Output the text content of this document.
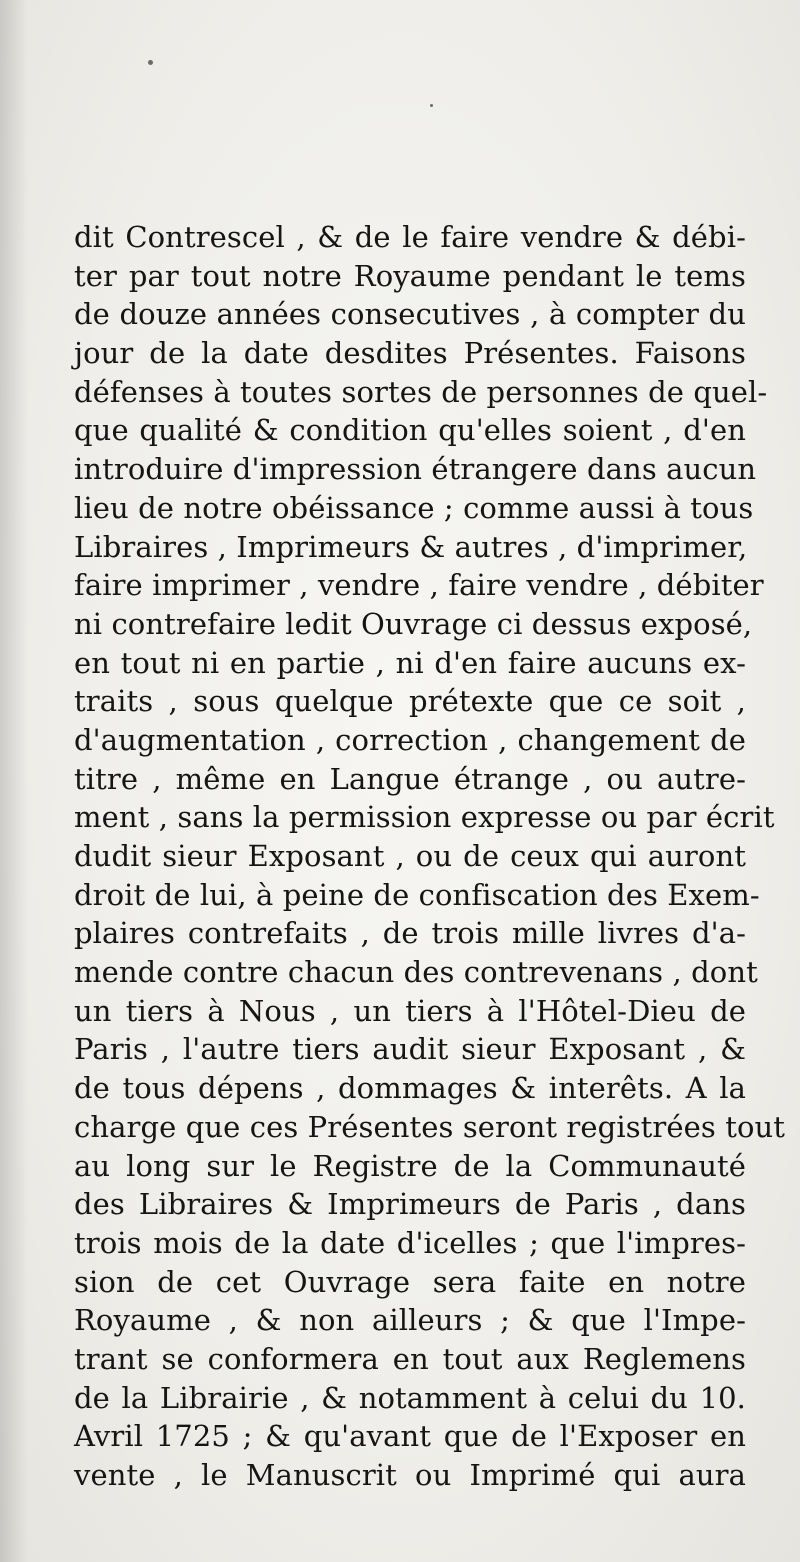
dit Contrescel , & de le faire vendre & débi-
ter par tout notre Royaume pendant le tems
de douze années consecutives , à compter du
jour de la date desdites Présentes. Faisons
défenses à toutes sortes de personnes de quel-
que qualité & condition qu'elles soient , d'en
introduire d'impression étrangere dans aucun
lieu de notre obéissance ; comme aussi à tous
Libraires , Imprimeurs & autres , d'imprimer,
faire imprimer , vendre , faire vendre , débiter
ni contrefaire ledit Ouvrage ci dessus exposé,
en tout ni en partie , ni d'en faire aucuns ex-
traits , sous quelque prétexte que ce soit ,
d'augmentation , correction , changement de
titre , même en Langue étrange , ou autre-
ment , sans la permission expresse ou par écrit
dudit sieur Exposant , ou de ceux qui auront
droit de lui, à peine de confiscation des Exem-
plaires contrefaits , de trois mille livres d'a-
mende contre chacun des contrevenans , dont
un tiers à Nous , un tiers à l'Hôtel-Dieu de
Paris , l'autre tiers audit sieur Exposant , &
de tous dépens , dommages & interêts. A la
charge que ces Présentes seront registrées tout
au long sur le Registre de la Communauté
des Libraires & Imprimeurs de Paris , dans
trois mois de la date d'icelles ; que l'impres-
sion de cet Ouvrage sera faite en notre
Royaume , & non ailleurs ; & que l'Impe-
trant se conformera en tout aux Reglemens
de la Librairie , & notamment à celui du 10.
Avril 1725 ; & qu'avant que de l'Exposer en
vente , le Manuscrit ou Imprimé qui aura
